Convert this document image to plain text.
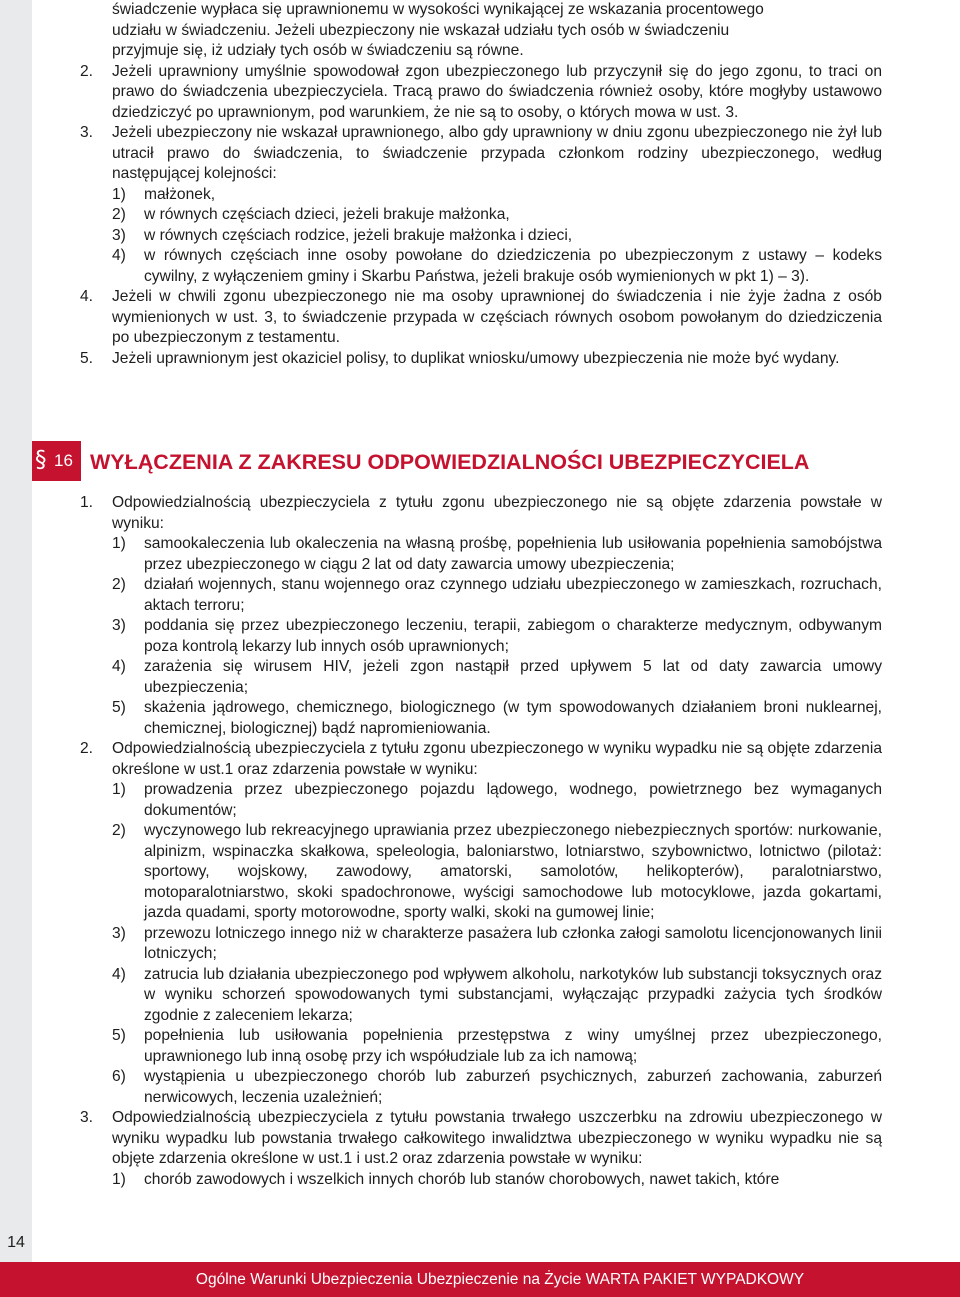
14
świadczenie wypłaca się uprawnionemu w wysokości wynikającej ze wskazania procentowego
udziału w świadczeniu. Jeżeli ubezpieczony nie wskazał udziału tych osób w świadczeniu
przyjmuje się, iż udziały tych osób w świadczeniu są równe.
2. Jeżeli uprawniony umyślnie spowodował zgon ubezpieczonego lub przyczynił się do jego zgonu, to traci on prawo do świadczenia ubezpieczyciela. Tracą prawo do świadczenia również osoby, które mogłyby ustawowo dziedziczyć po uprawnionym, pod warunkiem, że nie są to osoby, o których mowa w ust. 3.
3. Jeżeli ubezpieczony nie wskazał uprawnionego, albo gdy uprawniony w dniu zgonu ubezpieczonego nie żył lub utracił prawo do świadczenia, to świadczenie przypada członkom rodziny ubezpieczonego, według następującej kolejności:
1) małżonek,
2) w równych częściach dzieci, jeżeli brakuje małżonka,
3) w równych częściach rodzice, jeżeli brakuje małżonka i dzieci,
4) w równych częściach inne osoby powołane do dziedziczenia po ubezpieczonym z ustawy – kodeks cywilny, z wyłączeniem gminy i Skarbu Państwa, jeżeli brakuje osób wymienionych w pkt 1) – 3).
4. Jeżeli w chwili zgonu ubezpieczonego nie ma osoby uprawnionej do świadczenia i nie żyje żadna z osób wymienionych w ust. 3, to świadczenie przypada w częściach równych osobom powołanym do dziedziczenia po ubezpieczonym z testamentu.
5. Jeżeli uprawnionym jest okaziciel polisy, to duplikat wniosku/umowy ubezpieczenia nie może być wydany.
§ 16 WYŁĄCZENIA Z ZAKRESU ODPOWIEDZIALNOŚCI UBEZPIECZYCIELA
1. Odpowiedzialnością ubezpieczyciela z tytułu zgonu ubezpieczonego nie są objęte zdarzenia powstałe w wyniku:
1) samookaleczenia lub okaleczenia na własną prośbę, popełnienia lub usiłowania popełnienia samobójstwa przez ubezpieczonego w ciągu 2 lat od daty zawarcia umowy ubezpieczenia;
2) działań wojennych, stanu wojennego oraz czynnego udziału ubezpieczonego w zamieszkach, rozruchach, aktach terroru;
3) poddania się przez ubezpieczonego leczeniu, terapii, zabiegom o charakterze medycznym, odbywanym poza kontrolą lekarzy lub innych osób uprawnionych;
4) zarażenia się wirusem HIV, jeżeli zgon nastąpił przed upływem 5 lat od daty zawarcia umowy ubezpieczenia;
5) skażenia jądrowego, chemicznego, biologicznego (w tym spowodowanych działaniem broni nuklearnej, chemicznej, biologicznej) bądź napromieniowania.
2. Odpowiedzialnością ubezpieczyciela z tytułu zgonu ubezpieczonego w wyniku wypadku nie są objęte zdarzenia określone w ust.1 oraz zdarzenia powstałe w wyniku:
1) prowadzenia przez ubezpieczonego pojazdu lądowego, wodnego, powietrznego bez wymaganych dokumentów;
2) wyczynowego lub rekreacyjnego uprawiania przez ubezpieczonego niebezpiecznych sportów: nurkowanie, alpinizm, wspinaczka skałkowa, speleologia, baloniarstwo, lotniarstwo, szybownictwo, lotnictwo (pilotaż: sportowy, wojskowy, zawodowy, amatorski, samolotów, helikopterów), paralotniarstwo, motoparalotniarstwo, skoki spadochronowe, wyścigi samochodowe lub motocyklowe, jazda gokartami, jazda quadami, sporty motorowodne, sporty walki, skoki na gumowej linie;
3) przewozu lotniczego innego niż w charakterze pasażera lub członka załogi samolotu licencjonowanych linii lotniczych;
4) zatrucia lub działania ubezpieczonego pod wpływem alkoholu, narkotyków lub substancji toksycznych oraz w wyniku schorzeń spowodowanych tymi substancjami, wyłączając przypadki zażycia tych środków zgodnie z zaleceniem lekarza;
5) popełnienia lub usiłowania popełnienia przestępstwa z winy umyślnej przez ubezpieczonego, uprawnionego lub inną osobę przy ich współudziale lub za ich namową;
6) wystąpienia u ubezpieczonego chorób lub zaburzeń psychicznych, zaburzeń zachowania, zaburzeń nerwicowych, leczenia uzależnień;
3. Odpowiedzialnością ubezpieczyciela z tytułu powstania trwałego uszczerbku na zdrowiu ubezpieczonego w wyniku wypadku lub powstania trwałego całkowitego inwalidztwa ubezpieczonego w wyniku wypadku nie są objęte zdarzenia określone w ust.1 i ust.2 oraz zdarzenia powstałe w wyniku:
1) chorób zawodowych i wszelkich innych chorób lub stanów chorobowych, nawet takich, które
Ogólne Warunki Ubezpieczenia Ubezpieczenie na Życie WARTA PAKIET WYPADKOWY
